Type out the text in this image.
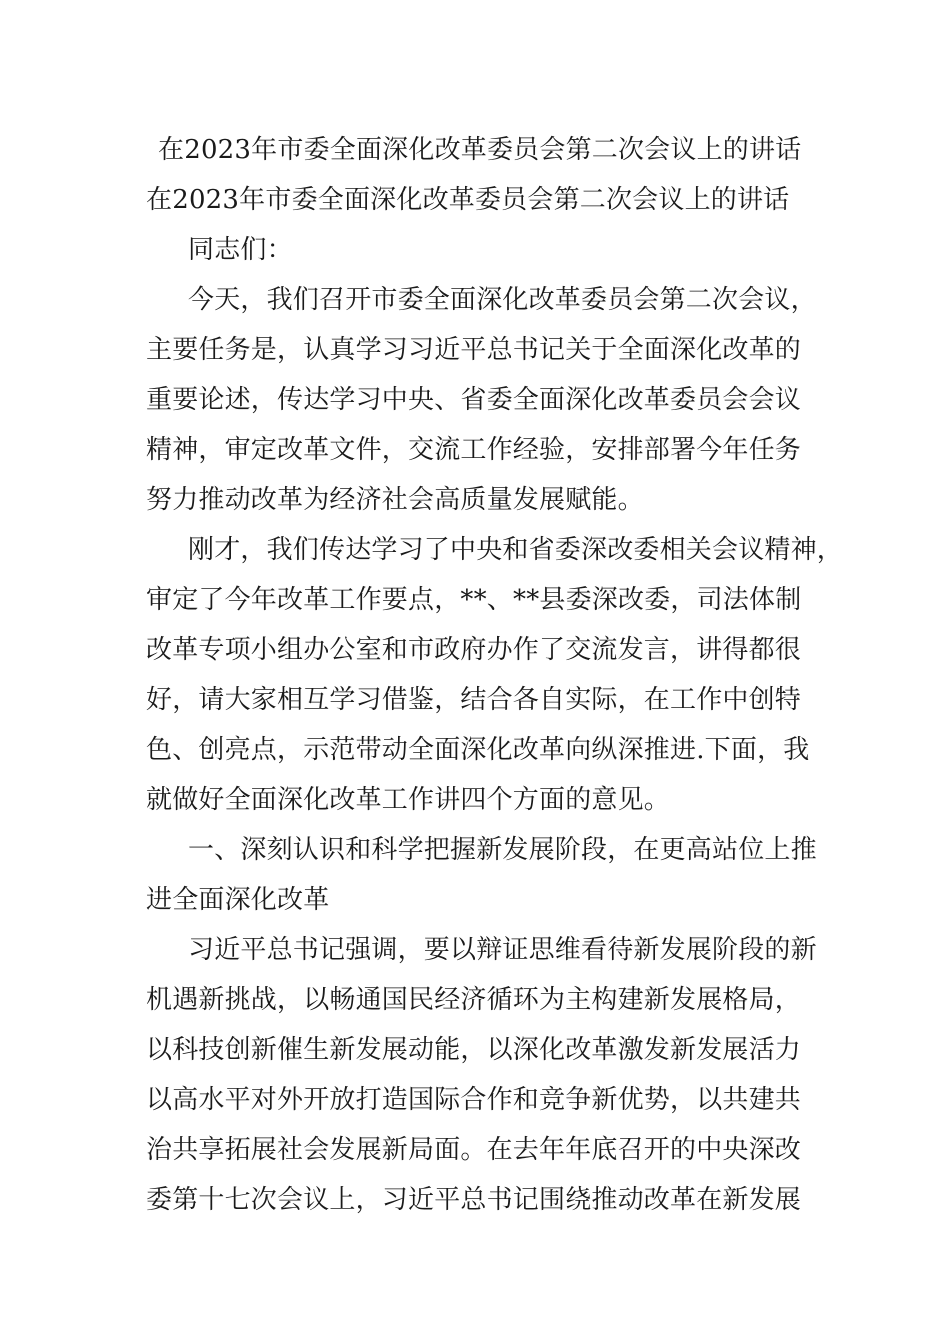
在2023年市委全面深化改革委员会第二次会议上的讲话
在2023年市委全面深化改革委员会第二次会议上的讲话
同志们：
今天，我们召开市委全面深化改革委员会第二次会议，
主要任务是，认真学习习近平总书记关于全面深化改革的
重要论述，传达学习中央、省委全面深化改革委员会会议
精神，审定改革文件，交流工作经验，安排部署今年任务
努力推动改革为经济社会高质量发展赋能。
刚才，我们传达学习了中央和省委深改委相关会议精神，
审定了今年改革工作要点，**、**县委深改委，司法体制
改革专项小组办公室和市政府办作了交流发言，讲得都很
好，请大家相互学习借鉴，结合各自实际，在工作中创特
色、创亮点，示范带动全面深化改革向纵深推进.下面，我
就做好全面深化改革工作讲四个方面的意见。
一、深刻认识和科学把握新发展阶段，在更高站位上推
进全面深化改革
习近平总书记强调，要以辩证思维看待新发展阶段的新
机遇新挑战，以畅通国民经济循环为主构建新发展格局，
以科技创新催生新发展动能，以深化改革激发新发展活力
以高水平对外开放打造国际合作和竞争新优势，以共建共
治共享拓展社会发展新局面。在去年年底召开的中央深改
委第十七次会议上，习近平总书记围绕推动改革在新发展
